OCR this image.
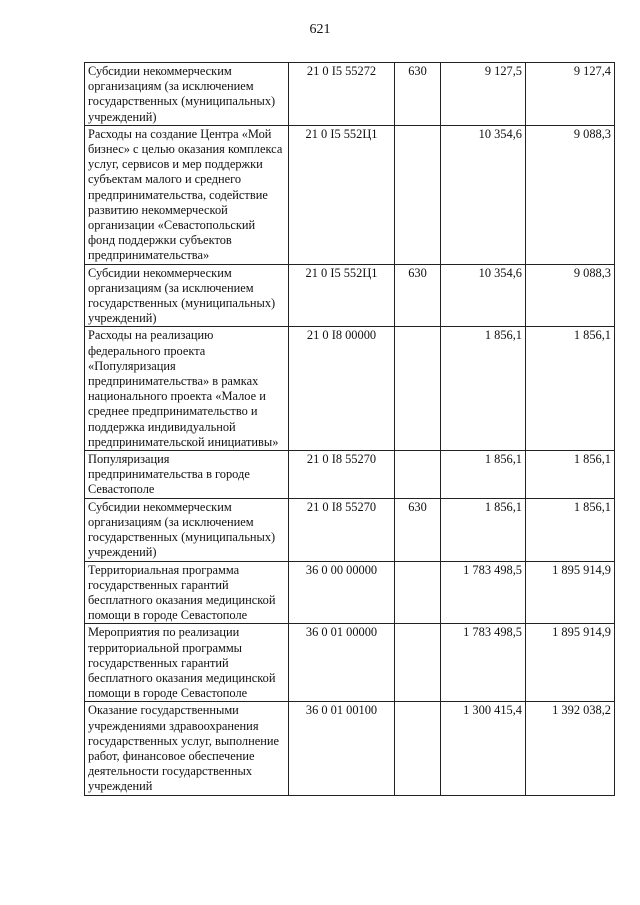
621
Субсидии некоммерческим организациям (за исключением государственных (муниципальных) учреждений)	21 0 I5 55272	630	9 127,5	9 127,4
Расходы на создание Центра «Мой бизнес» с целью оказания комплекса услуг, сервисов и мер поддержки субъектам малого и среднего предпринимательства, содействие развитию некоммерческой организации «Севастопольский фонд поддержки субъектов предпринимательства»	21 0 I5 552Ц1		10 354,6	9 088,3
Субсидии некоммерческим организациям (за исключением государственных (муниципальных) учреждений)	21 0 I5 552Ц1	630	10 354,6	9 088,3
Расходы на реализацию федерального проекта «Популяризация предпринимательства» в рамках национального проекта «Малое и среднее предпринимательство и поддержка индивидуальной предпринимательской инициативы»	21 0 I8 00000		1 856,1	1 856,1
Популяризация предпринимательства в городе Севастополе	21 0 I8 55270		1 856,1	1 856,1
Субсидии некоммерческим организациям (за исключением государственных (муниципальных) учреждений)	21 0 I8 55270	630	1 856,1	1 856,1
Территориальная программа государственных гарантий бесплатного оказания медицинской помощи в городе Севастополе	36 0 00 00000		1 783 498,5	1 895 914,9
Мероприятия по реализации территориальной программы государственных гарантий бесплатного оказания медицинской помощи в городе Севастополе	36 0 01 00000		1 783 498,5	1 895 914,9
Оказание государственными учреждениями здравоохранения государственных услуг, выполнение работ, финансовое обеспечение деятельности государственных учреждений	36 0 01 00100		1 300 415,4	1 392 038,2
